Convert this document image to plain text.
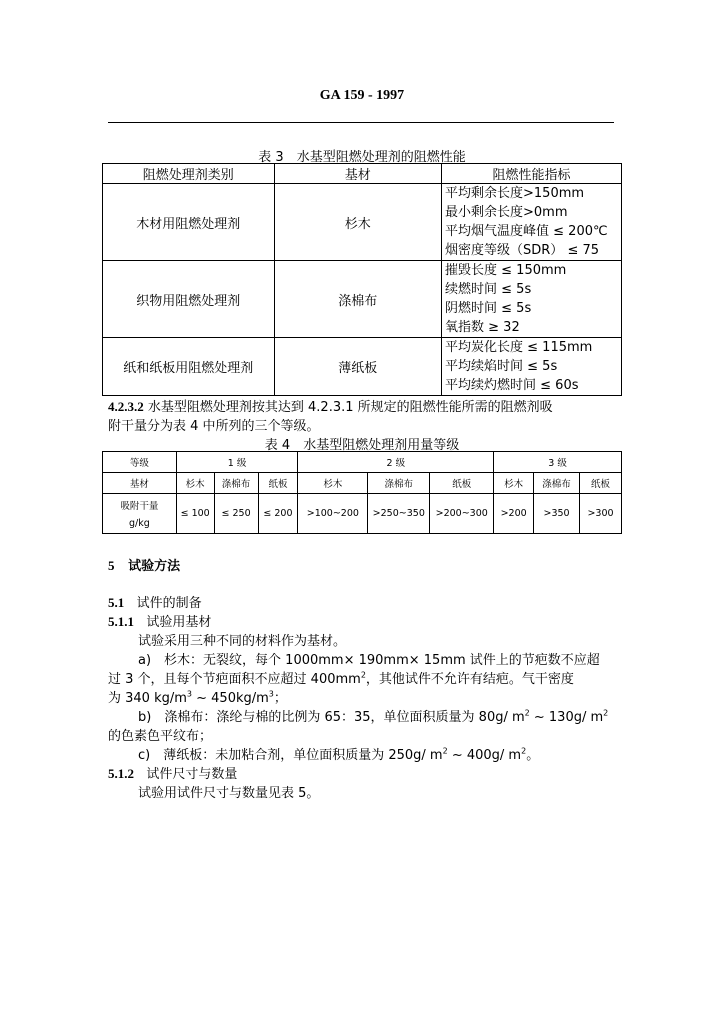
GA 159 - 1997
表 3　水基型阻燃处理剂的阻燃性能
阻燃处理剂类别	基材	阻燃性能指标
木材用阻燃处理剂	杉木	平均剩余长度>150mm
最小剩余长度>0mm
平均烟气温度峰值 ≤ 200℃
烟密度等级（SDR） ≤ 75

织物用阻燃处理剂	涤棉布	摧毁长度 ≤ 150mm
续燃时间 ≤ 5s
阴燃时间 ≤ 5s
氧指数 ≥ 32

纸和纸板用阻燃处理剂	薄纸板	平均炭化长度 ≤ 115mm
平均续焰时间 ≤ 5s
平均续灼燃时间 ≤ 60s
4.2.3.2 水基型阻燃处理剂按其达到 4.2.3.1 所规定的阻燃性能所需的阻燃剂吸
附干量分为表 4 中所列的三个等级。
表 4　水基型阻燃处理剂用量等级
等级	1 级			2 级			3 级		
基材	杉木	涤棉布	纸板	杉木	涤棉布	纸板	杉木	涤棉布	纸板

吸附干量
g/kg	≤ 100	≤ 250	≤ 200	>100~200	>250~350	>200~300	>200	>350	>300
5 试验方法
5.1 试件的制备
5.1.1 试验用基材
试验采用三种不同的材料作为基材。
a)　杉木：无裂纹，每个 1000mm× 190mm× 15mm 试件上的节疤数不应超
过 3 个，且每个节疤面积不应超过 $400mm^2$，其他试件不允许有结疤。气干密度
为 340 $kg/m^3$ ~ $450kg/m^3$；
b)　涤棉布：涤纶与棉的比例为 65：35，单位面积质量为 80g/ $m^2$ ~ 130g/ $m^2$
的色素色平纹布；
c)　薄纸板：未加粘合剂，单位面积质量为 250g/ $m^2$ ~ 400g/ $m^2$。
5.1.2 试件尺寸与数量
试验用试件尺寸与数量见表 5。
